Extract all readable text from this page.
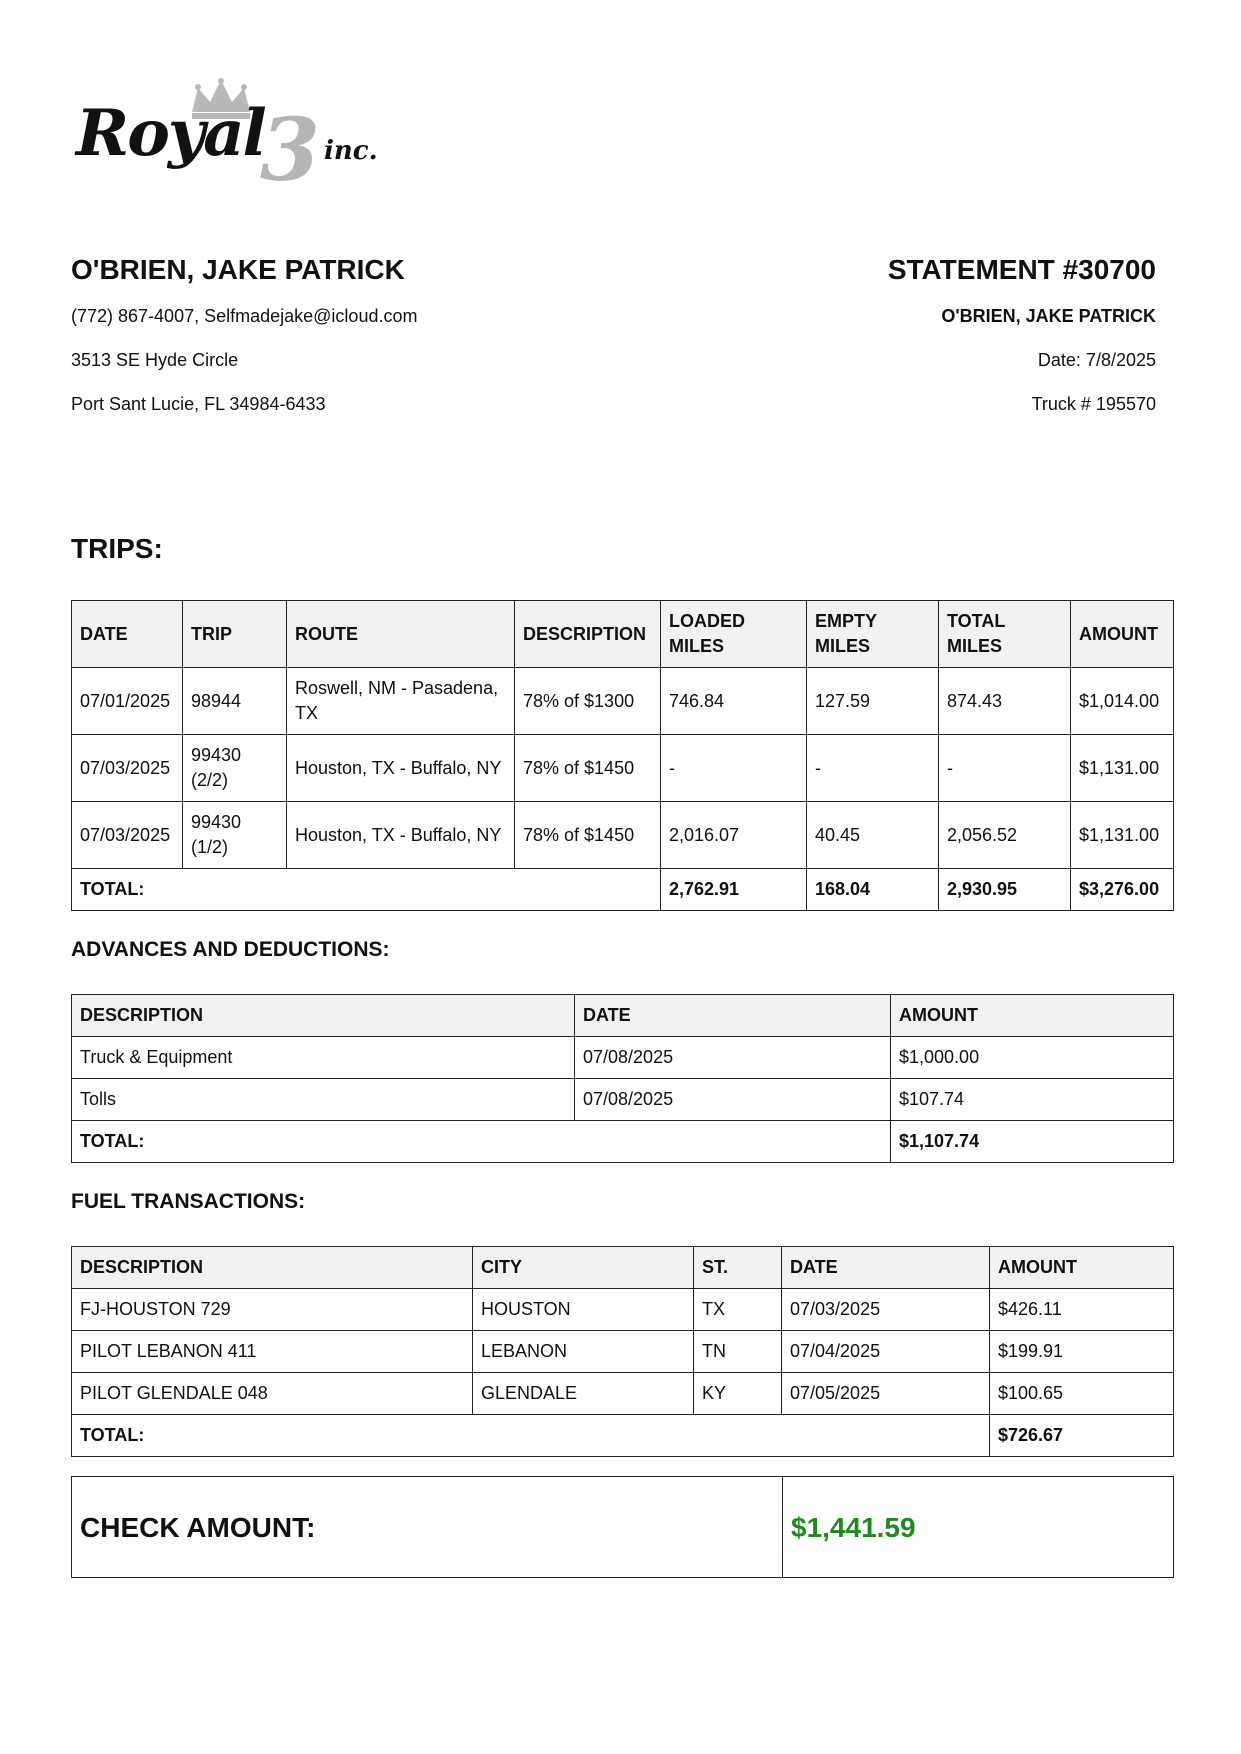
Royal
3 inc.
O'BRIEN, JAKE PATRICK
(772) 867-4007, Selfmadejake@icloud.com
3513 SE Hyde Circle
Port Sant Lucie, FL 34984-6433
STATEMENT #30700
O'BRIEN, JAKE PATRICK
Date: 7/8/2025
Truck # 195570
TRIPS:
DATE	TRIP	ROUTE	DESCRIPTION	LOADED MILES	EMPTY MILES	TOTAL MILES	AMOUNT
07/01/2025	98944	Roswell, NM - Pasadena, TX	78% of $1300	746.84	127.59	874.43	$1,014.00
07/03/2025	99430 (2/2)	Houston, TX - Buffalo, NY	78% of $1450	-	-	-	$1,131.00
07/03/2025	99430 (1/2)	Houston, TX - Buffalo, NY	78% of $1450	2,016.07	40.45	2,056.52	$1,131.00
TOTAL:				2,762.91	168.04	2,930.95	$3,276.00
ADVANCES AND DEDUCTIONS:
DESCRIPTION	DATE	AMOUNT
Truck & Equipment	07/08/2025	$1,000.00
Tolls	07/08/2025	$107.74
TOTAL:		$1,107.74
FUEL TRANSACTIONS:
DESCRIPTION	CITY	ST.	DATE	AMOUNT
FJ-HOUSTON 729	HOUSTON	TX	07/03/2025	$426.11
PILOT LEBANON 411	LEBANON	TN	07/04/2025	$199.91
PILOT GLENDALE 048	GLENDALE	KY	07/05/2025	$100.65
TOTAL:				$726.67
CHECK AMOUNT:	$1,441.59
